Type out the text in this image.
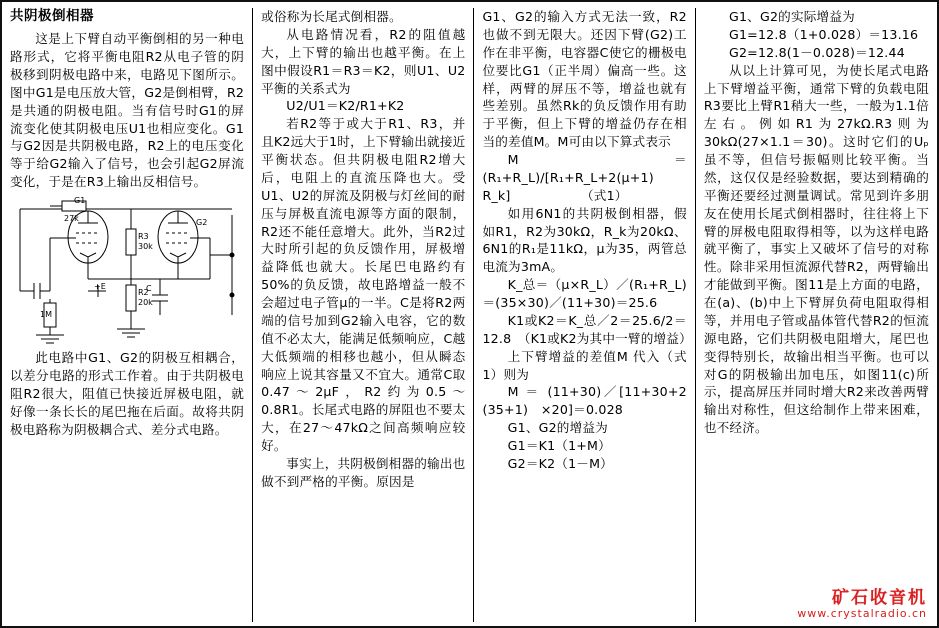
共阴极倒相器

这是上下臂自动平衡倒相的另一种电路形式，它将平衡电阻R2从电子管的阴极移到阴极电路中来，电路见下图所示。图中G1是电压放大管，G2是倒相臂，R2是共通的阴极电阻。当有信号时G1的屏流变化使其阴极电压U1也相应变化。G1与G2因是共阴极电路，R2上的电压变化等于给G2输入了信号，也会引起G2屏流变化，于是在R3上输出反相信号。

G1
G2
1M
27k
R3
30k
R2
20k
+E	C

此电路中G1、G2的阴极互相耦合，以差分电路的形式工作着。由于共阴极电阻R2很大，阻值已快接近屏极电阻，就好像一条长长的尾巴拖在后面。故将共阴极电路称为阴极耦合式、差分式电路。

或俗称为长尾式倒相器。

从电路情况看，R2的阻值越大，上下臂的输出也越平衡。在上图中假设R1＝R3＝K2，则U1、U2平衡的关系式为

U2/U1＝K2/R1+K2

若R2等于或大于R1、R3，并且K2远大于1时，上下臂输出就接近平衡状态。但共阴极电阻R2增大后，电阻上的直流压降也大。受U1、U2的屏流及阴极与灯丝间的耐压与屏极直流电源等方面的限制，R2还不能任意增大。此外，当R2过大时所引起的负反馈作用，屏极增益降低也就大。长尾巴电路约有50%的负反馈，故电路增益一般不会超过电子管μ的一半。C是将R2两端的信号加到G2输入电容，它的数值不必太大，能满足低频响应，C越大低频端的相移也越小，但从瞬态响应上说其容量又不宜大。通常C取0.47～2μF，R2约为0.5～0.8R1。长尾式电路的屏阻也不要太大，在27～47kΩ之间高频响应较好。

事实上，共阴极倒相器的输出也做不到严格的平衡。原因是

G1、G2的输入方式无法一致，R2也做不到无限大。还因下臂(G2)工作在非平衡，电容器C使它的栅极电位要比G1（正半周）偏高一些。这样，两臂的屏压不等，增益也就有些差别。虽然Rk的负反馈作用有助于平衡，但上下臂的增益仍存在相当的差值M。M可由以下算式表示

M＝(R₁+R_L)/[R₁+R_L+2(μ+1)　R_k]　　　　　　（式1）

如用6N1的共阴极倒相器，假如R1，R2为30kΩ，R_k为20kΩ、6N1的R₁是11kΩ，μ为35，两管总电流为3mA。

K_总＝（μ×R_L）／(R₁+R_L)＝(35×30)／(11+30)＝25.6

K1或K2＝K_总／2＝25.6/2＝12.8　（K1或K2为其中一臂的增益）

上下臂增益的差值M 代入（式1）则为

M ＝ (11+30)／[11+30+2　(35+1)　×20]＝0.028

G1、G2的增益为

G1＝K1（1+M）

G2＝K2（1－M）

G1、G2的实际增益为

G1=12.8（1+0.028）＝13.16

G2=12.8(1－0.028)＝12.44

从以上计算可见，为使长尾式电路上下臂增益平衡，通常下臂的负载电阻R3要比上臂R1稍大一些，一般为1.1倍左右。例如R1为27kΩ.R3则为30kΩ(27×1.1＝30)。这时它们的Uₚ虽不等，但信号振幅则比较平衡。当然，这仅仅是经验数据，要达到精确的平衡还要经过测量调试。常见到许多朋友在使用长尾式倒相器时，往往将上下臂的屏极电阻取得相等，以为这样电路就平衡了，事实上又破坏了信号的对称性。除非采用恒流源代替R2，两臂输出才能做到平衡。图11是上方面的电路，在(a)、(b)中上下臂屏负荷电阻取得相等，并用电子管或晶体管代替R2的恒流源电路，它们共阴极电阻增大，尾巴也变得特别长，故输出相当平衡。也可以对G的阴极输出加电压，如图11(c)所示，提高屏压并同时增大R2来改善两臂输出对称性，但这给制作上带来困难，也不经济。

矿石收音机
www.crystalradio.cn
